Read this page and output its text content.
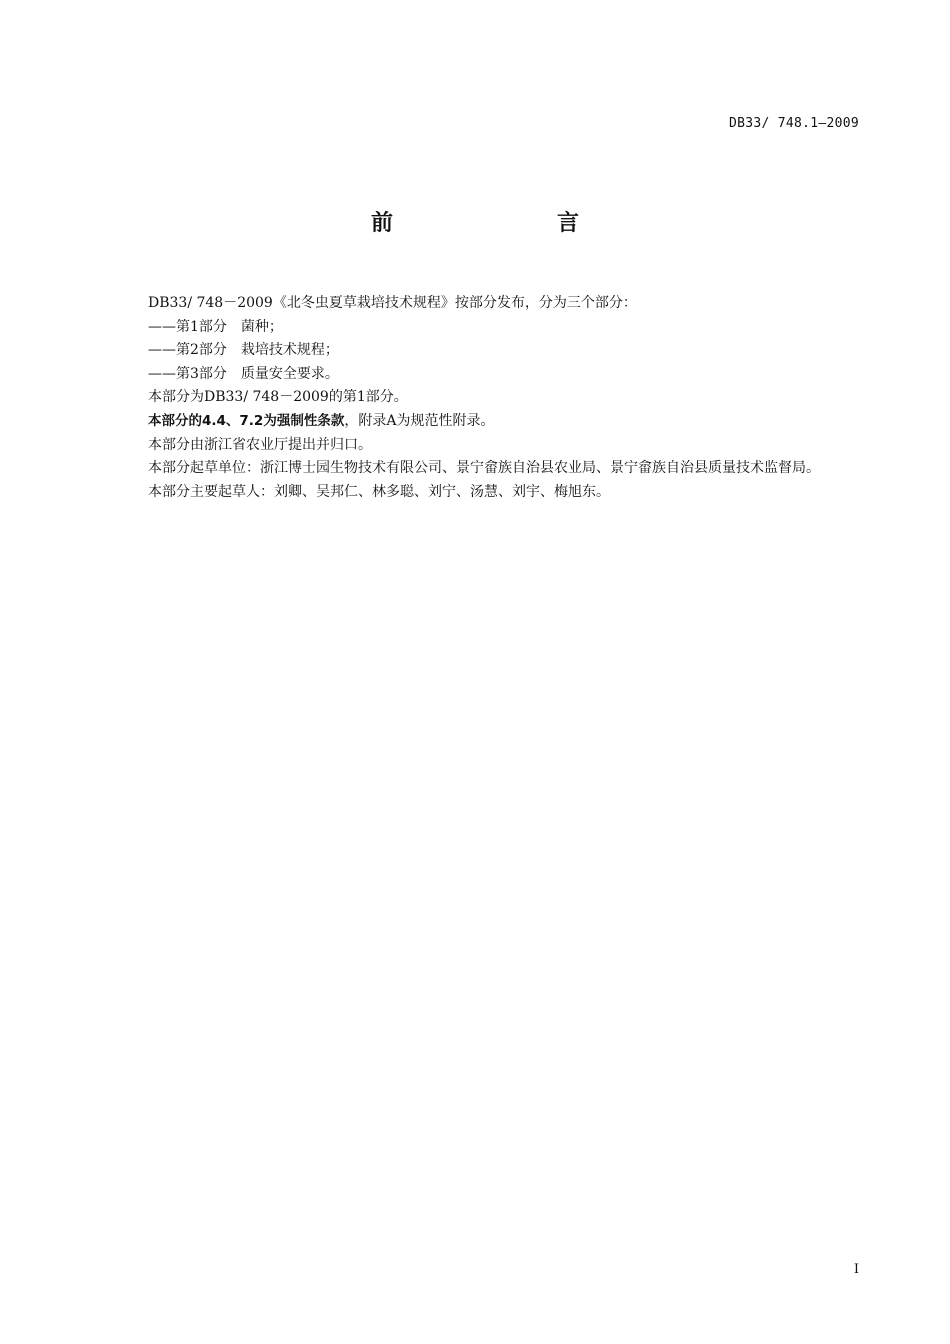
DB33/ 748.1—2009
前　　言

DB33/ 748－2009《北冬虫夏草栽培技术规程》按部分发布，分为三个部分：

——第1部分　菌种；

——第2部分　栽培技术规程；

——第3部分　质量安全要求。

本部分为DB33/ 748－2009的第1部分。

本部分的4.4、7.2为强制性条款，附录A为规范性附录。

本部分由浙江省农业厅提出并归口。

本部分起草单位：浙江博士园生物技术有限公司、景宁畲族自治县农业局、景宁畲族自治县质量技术监督局。

本部分主要起草人：刘卿、吴邦仁、林多聪、刘宁、汤慧、刘宇、梅旭东。

I
